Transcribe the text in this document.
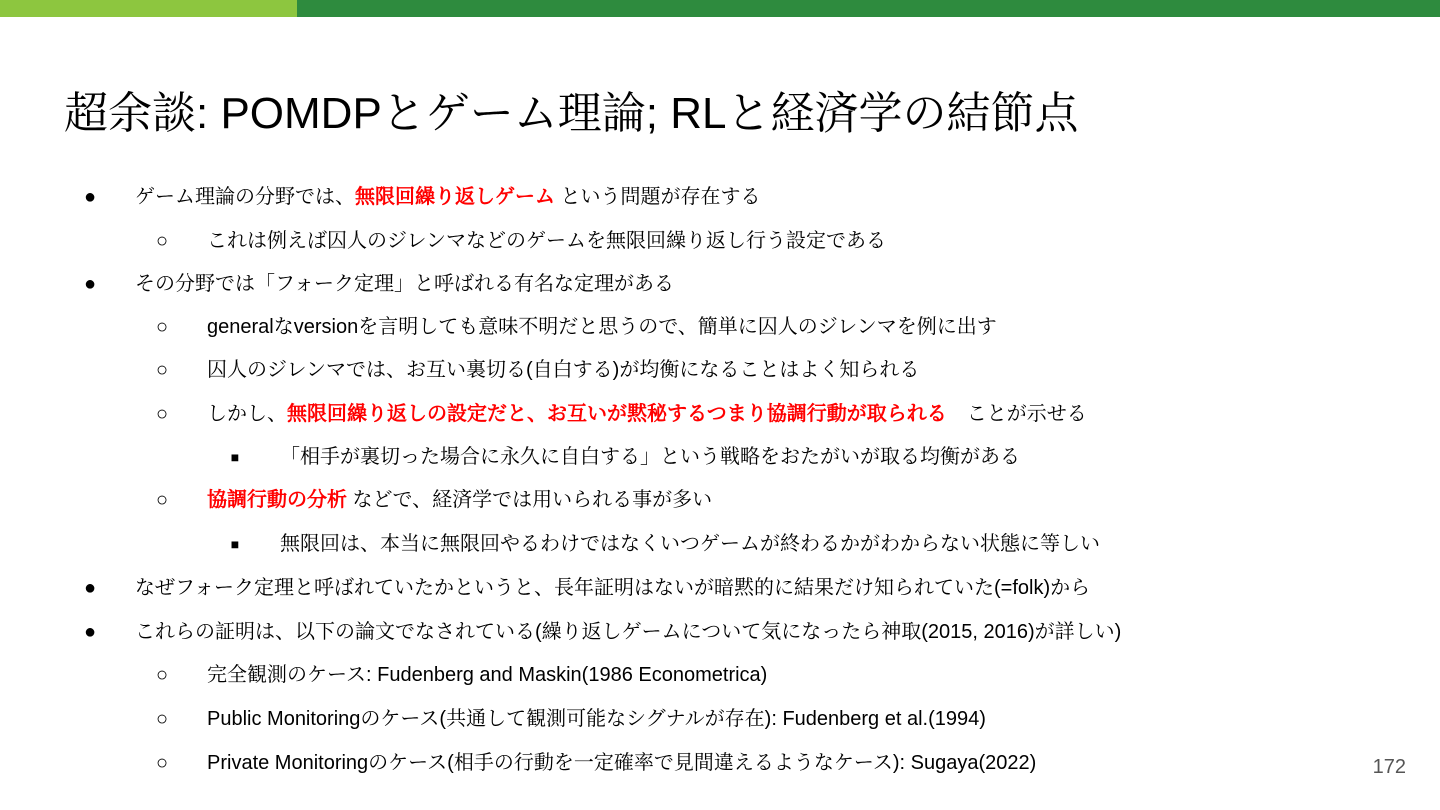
超余談: POMDPとゲーム理論; RLと経済学の結節点
● ゲーム理論の分野では、無限回繰り返しゲーム という問題が存在する
○ これは例えば囚人のジレンマなどのゲームを無限回繰り返し行う設定である
● その分野では「フォーク定理」と呼ばれる有名な定理がある
○ generalなversionを言明しても意味不明だと思うので、簡単に囚人のジレンマを例に出す
○ 囚人のジレンマでは、お互い裏切る(自白する)が均衡になることはよく知られる
○ しかし、無限回繰り返しの設定だと、お互いが黙秘するつまり協調行動が取られる　ことが示せる
■ 「相手が裏切った場合に永久に自白する」という戦略をおたがいが取る均衡がある
○ 協調行動の分析 などで、経済学では用いられる事が多い
■ 無限回は、本当に無限回やるわけではなくいつゲームが終わるかがわからない状態に等しい
● なぜフォーク定理と呼ばれていたかというと、長年証明はないが暗黙的に結果だけ知られていた(=folk)から
● これらの証明は、以下の論文でなされている(繰り返しゲームについて気になったら神取(2015, 2016)が詳しい)
○ 完全観測のケース: Fudenberg and Maskin(1986 Econometrica)
○ Public Monitoringのケース(共通して観測可能なシグナルが存在): Fudenberg et al.(1994)
○ Private Monitoringのケース(相手の行動を一定確率で見間違えるようなケース): Sugaya(2022)	172
